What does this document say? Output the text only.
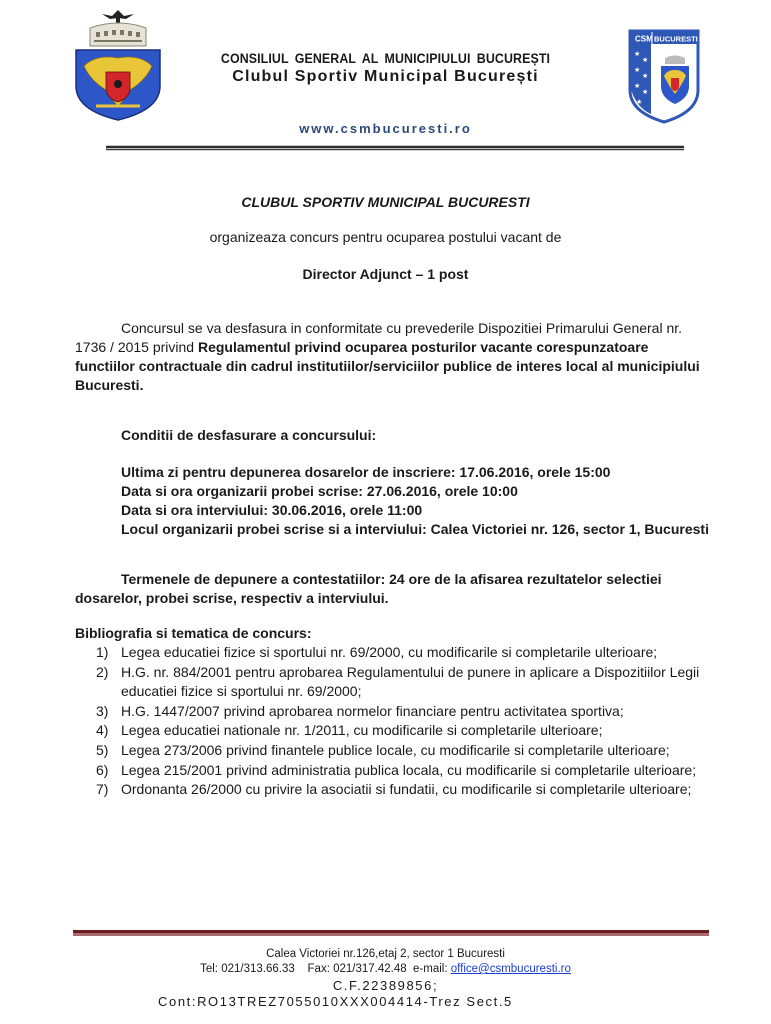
CONSILIUL GENERAL AL MUNICIPIULUI BUCUREȘTI
Clubul Sportiv Municipal București
CSM BUCURESTI
★
★
★
★
★
★
★
www.csmbucuresti.ro
CLUBUL SPORTIV MUNICIPAL BUCURESTI
organizeaza concurs pentru ocuparea postului vacant de
Director Adjunct – 1 post
Concursul se va desfasura in conformitate cu prevederile Dispozitiei Primarului General nr. 1736 / 2015 privind Regulamentul privind ocuparea posturilor vacante corespunzatoare functiilor contractuale din cadrul institutiilor/serviciilor publice de interes local al municipiului Bucuresti.
Conditii de desfasurare a concursului:
Ultima zi pentru depunerea dosarelor de inscriere: 17.06.2016, orele 15:00
Data si ora organizarii probei scrise: 27.06.2016, orele 10:00
Data si ora interviului: 30.06.2016, orele 11:00
Locul organizarii probei scrise si a interviului: Calea Victoriei nr. 126, sector 1, Bucuresti
Termenele de depunere a contestatiilor: 24 ore de la afisarea rezultatelor selectiei dosarelor, probei scrise, respectiv a interviului.
Bibliografia si tematica de concurs:
1) Legea educatiei fizice si sportului nr. 69/2000, cu modificarile si completarile ulterioare;
2) H.G. nr. 884/2001 pentru aprobarea Regulamentului de punere in aplicare a Dispozitiilor Legii educatiei fizice si sportului nr. 69/2000;
3) H.G. 1447/2007 privind aprobarea normelor financiare pentru activitatea sportiva;
4) Legea educatiei nationale nr. 1/2011, cu modificarile si completarile ulterioare;
5) Legea 273/2006 privind finantele publice locale, cu modificarile si completarile ulterioare;
6) Legea 215/2001 privind administratia publica locala, cu modificarile si completarile ulterioare;
7) Ordonanta 26/2000 cu privire la asociatii si fundatii, cu modificarile si completarile ulterioare;
Calea Victoriei nr.126,etaj 2, sector 1 Bucuresti
Tel: 021/313.66.33 Fax: 021/317.42.48 e-mail: office@csmbucuresti.ro
C.F.22389856;
Cont:RO13TREZ7055010XXX004414-Trez Sect.5
